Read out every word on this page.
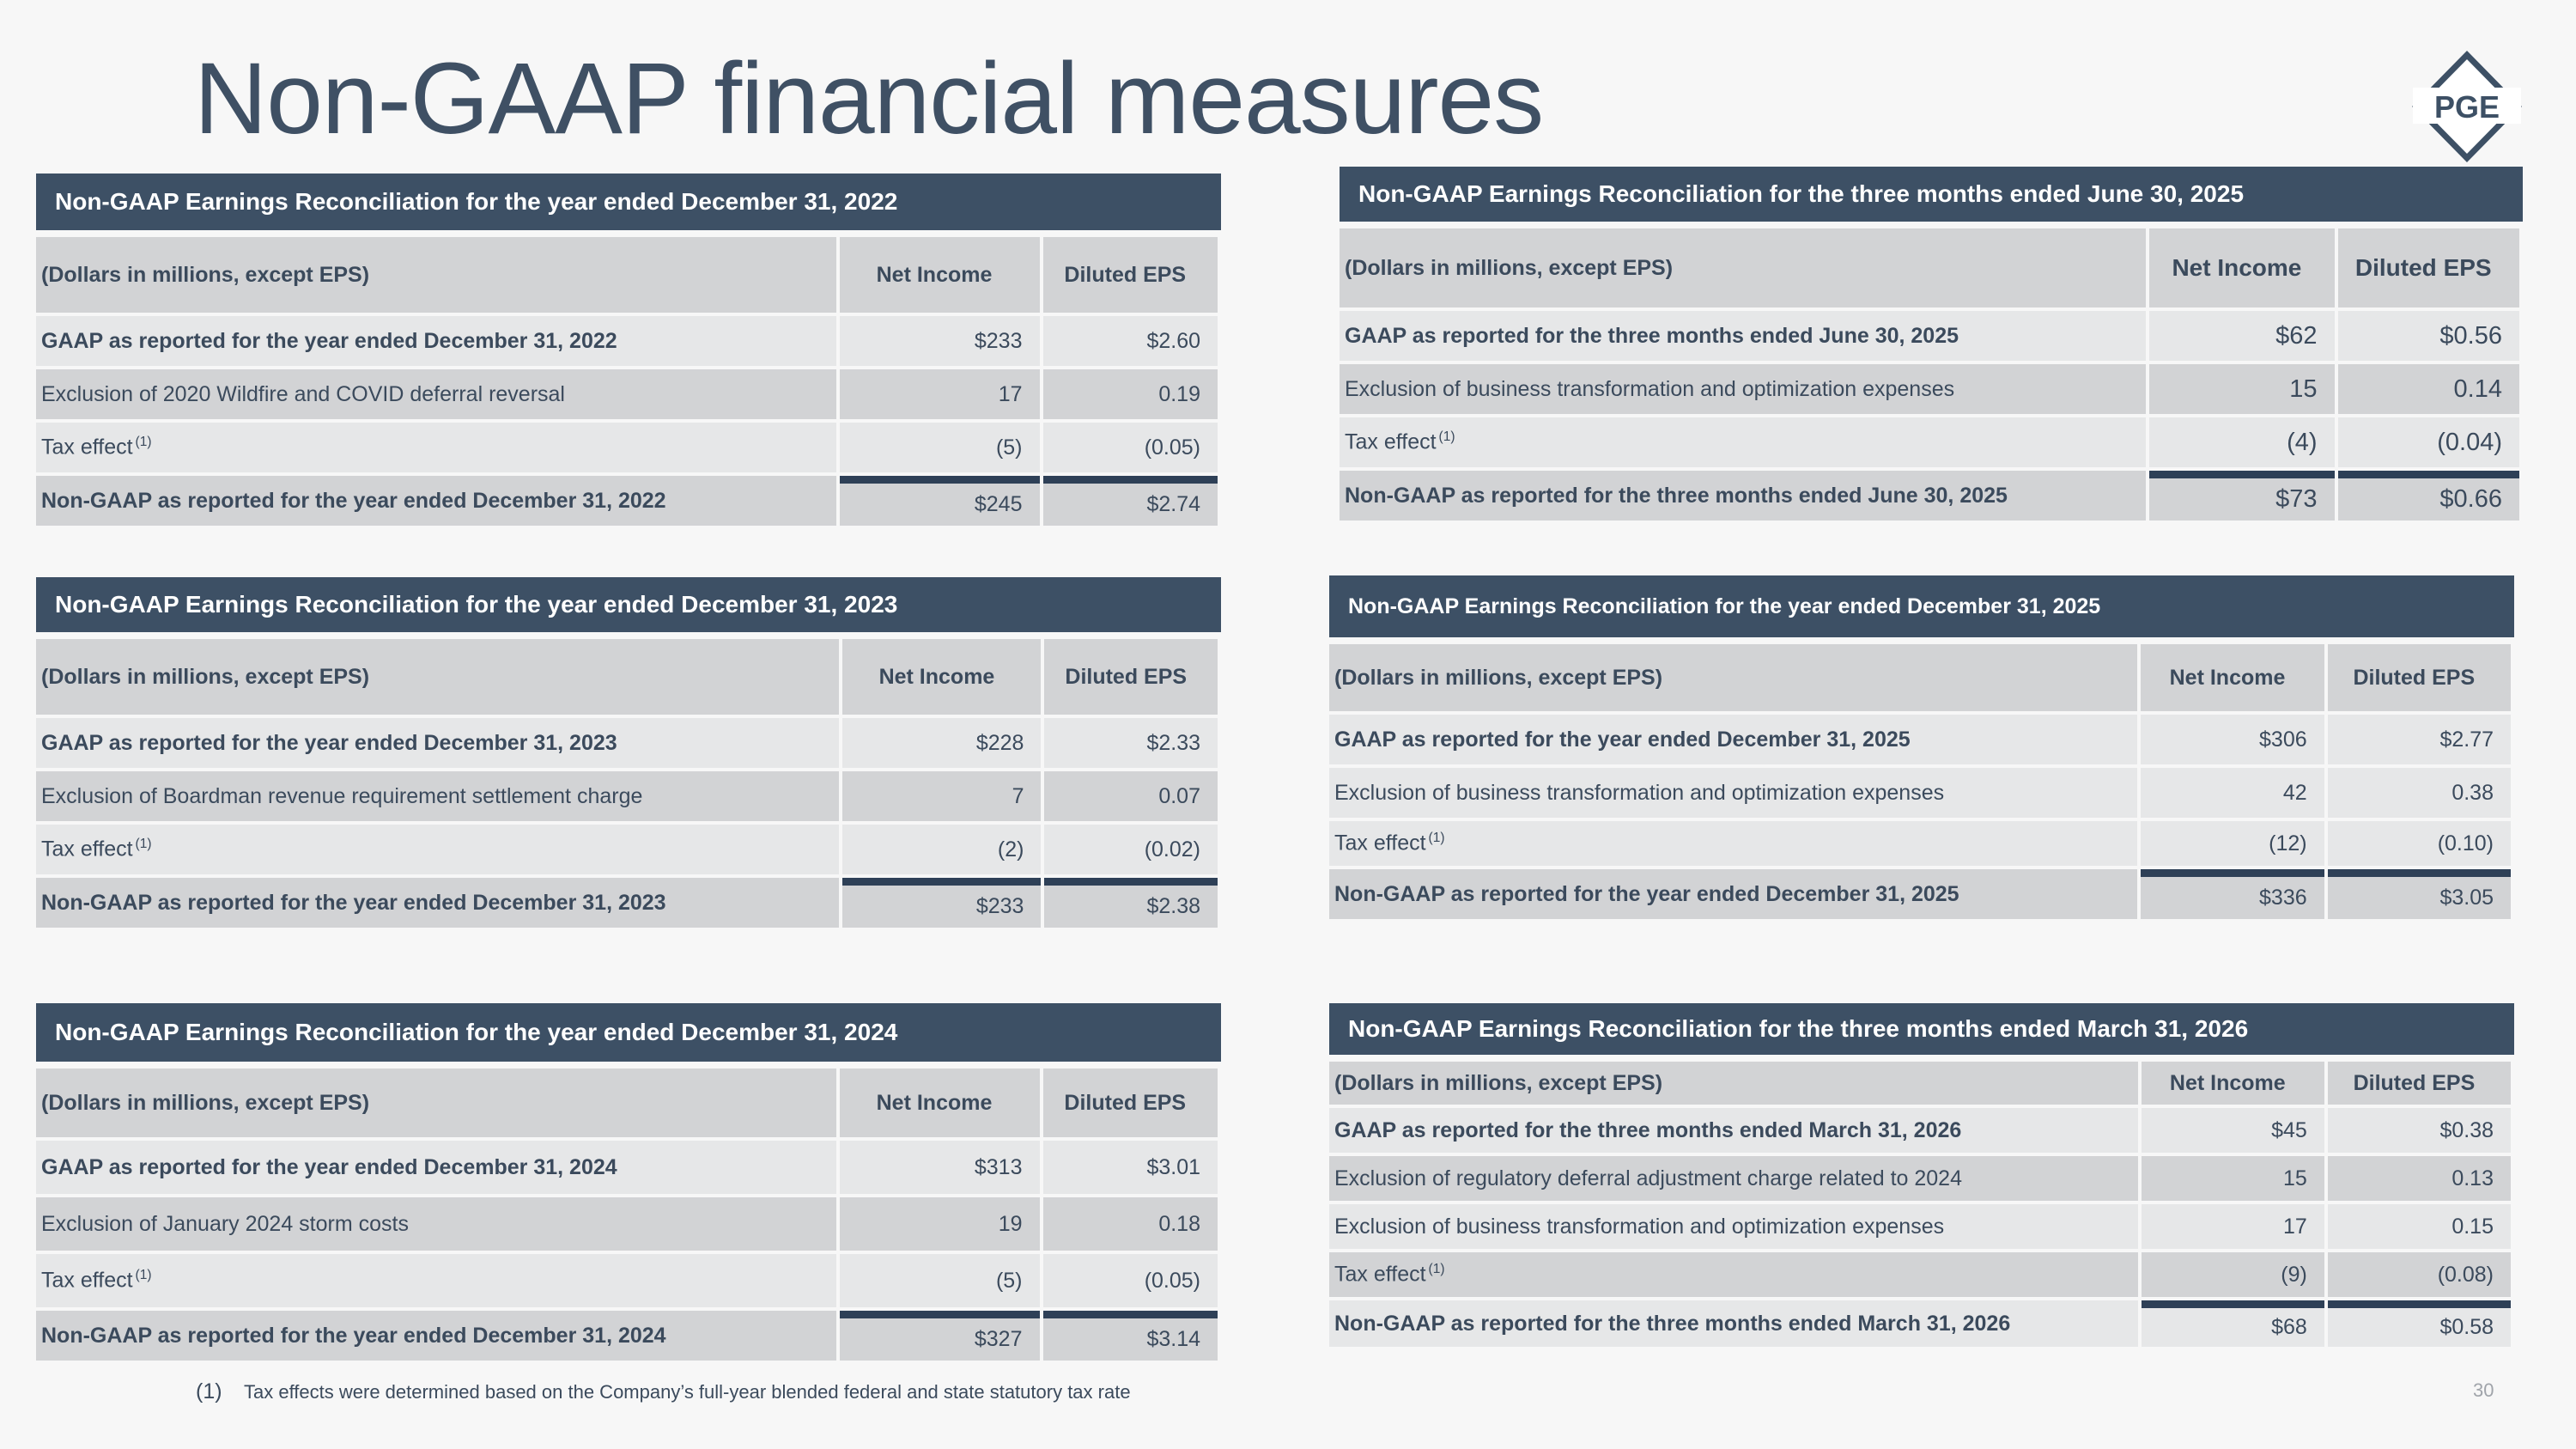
Non-GAAP financial measures	PGE
Non-GAAP Earnings Reconciliation for the year ended December 31, 2022
(Dollars in millions, except EPS)	Net Income	Diluted EPS
GAAP as reported for the year ended December 31, 2022	$233	$2.60
Exclusion of 2020 Wildfire and COVID deferral reversal	17	0.19
Tax effect $^{(1)}$	(5)	(0.05)
Non-GAAP as reported for the year ended December 31, 2022	$245	$2.74
Non-GAAP Earnings Reconciliation for the year ended December 31, 2023
(Dollars in millions, except EPS)	Net Income	Diluted EPS
GAAP as reported for the year ended December 31, 2023	$228	$2.33
Exclusion of Boardman revenue requirement settlement charge	7	0.07
Tax effect $^{(1)}$	(2)	(0.02)
Non-GAAP as reported for the year ended December 31, 2023	$233	$2.38
Non-GAAP Earnings Reconciliation for the year ended December 31, 2024
(Dollars in millions, except EPS)	Net Income	Diluted EPS
GAAP as reported for the year ended December 31, 2024	$313	$3.01
Exclusion of January 2024 storm costs	19	0.18
Tax effect $^{(1)}$	(5)	(0.05)
Non-GAAP as reported for the year ended December 31, 2024	$327	$3.14
Non-GAAP Earnings Reconciliation for the three months ended June 30, 2025
(Dollars in millions, except EPS)	Net Income	Diluted EPS
GAAP as reported for the three months ended June 30, 2025	$62	$0.56
Exclusion of business transformation and optimization expenses	15	0.14
Tax effect $^{(1)}$	(4)	(0.04)
Non-GAAP as reported for the three months ended June 30, 2025	$73	$0.66
Non-GAAP Earnings Reconciliation for the year ended December 31, 2025
(Dollars in millions, except EPS)	Net Income	Diluted EPS
GAAP as reported for the year ended December 31, 2025	$306	$2.77
Exclusion of business transformation and optimization expenses	42	0.38
Tax effect $^{(1)}$	(12)	(0.10)
Non-GAAP as reported for the year ended December 31, 2025	$336	$3.05
Non-GAAP Earnings Reconciliation for the three months ended March 31, 2026
(Dollars in millions, except EPS)	Net Income	Diluted EPS
GAAP as reported for the three months ended March 31, 2026	$45	$0.38
Exclusion of regulatory deferral adjustment charge related to 2024	15	0.13
Exclusion of business transformation and optimization expenses	17	0.15
Tax effect $^{(1)}$	(9)	(0.08)
Non-GAAP as reported for the three months ended March 31, 2026	$68	$0.58
(1) Tax effects were determined based on the Company’s full-year blended federal and state statutory tax rate	30
